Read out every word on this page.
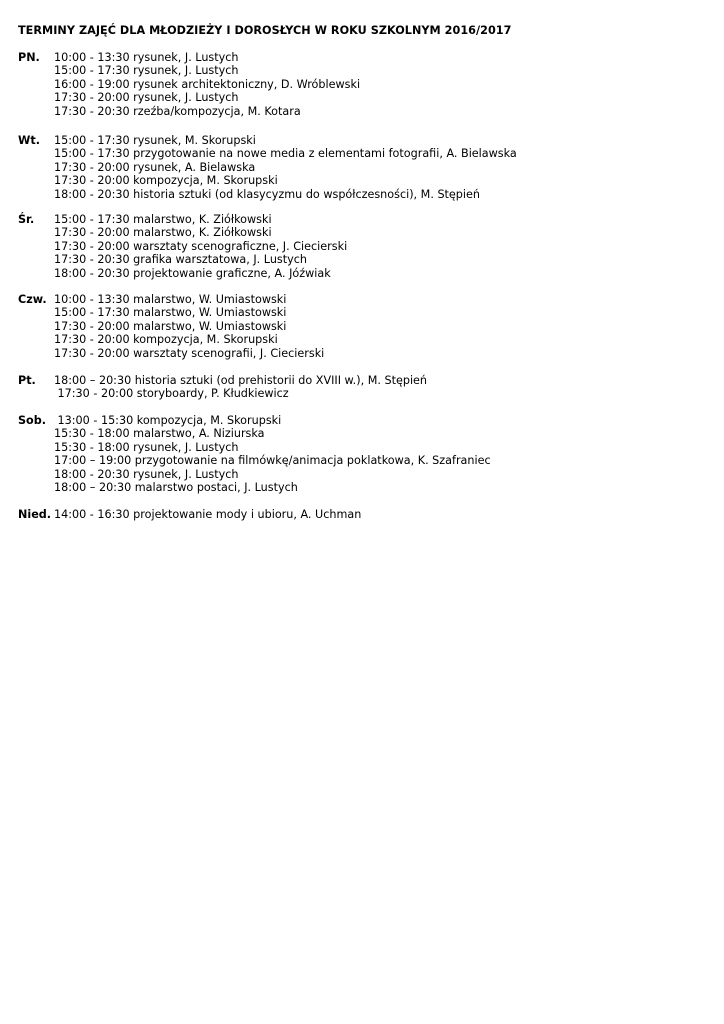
TERMINY ZAJĘĆ DLA MŁODZIEŻY I DOROSŁYCH W ROKU SZKOLNYM 2016/2017
PN. 10:00 - 13:30 rysunek, J. Lustych
15:00 - 17:30 rysunek, J. Lustych
16:00 - 19:00 rysunek architektoniczny, D. Wróblewski
17:30 - 20:00 rysunek, J. Lustych
17:30 - 20:30 rzeźba/kompozycja, M. Kotara
Wt. 15:00 - 17:30 rysunek, M. Skorupski
15:00 - 17:30 przygotowanie na nowe media z elementami fotografii, A. Bielawska
17:30 - 20:00 rysunek, A. Bielawska
17:30 - 20:00 kompozycja, M. Skorupski
18:00 - 20:30 historia sztuki (od klasycyzmu do współczesności), M. Stępień
Śr. 15:00 - 17:30 malarstwo, K. Ziółkowski
17:30 - 20:00 malarstwo, K. Ziółkowski
17:30 - 20:00 warsztaty scenograficzne, J. Ciecierski
17:30 - 20:30 grafika warsztatowa, J. Lustych
18:00 - 20:30 projektowanie graficzne, A. Jóźwiak
Czw. 10:00 - 13:30 malarstwo, W. Umiastowski
15:00 - 17:30 malarstwo, W. Umiastowski
17:30 - 20:00 malarstwo, W. Umiastowski
17:30 - 20:00 kompozycja, M. Skorupski
17:30 - 20:00 warsztaty scenografii, J. Ciecierski
Pt. 18:00 – 20:30 historia sztuki (od prehistorii do XVIII w.), M. Stępień
17:30 - 20:00 storyboardy, P. Kłudkiewicz
Sob. 13:00 - 15:30 kompozycja, M. Skorupski
15:30 - 18:00 malarstwo, A. Niziurska
15:30 - 18:00 rysunek, J. Lustych
17:00 – 19:00 przygotowanie na filmówkę/animacja poklatkowa, K. Szafraniec
18:00 - 20:30 rysunek, J. Lustych
18:00 – 20:30 malarstwo postaci, J. Lustych
Nied. 14:00 - 16:30 projektowanie mody i ubioru, A. Uchman
